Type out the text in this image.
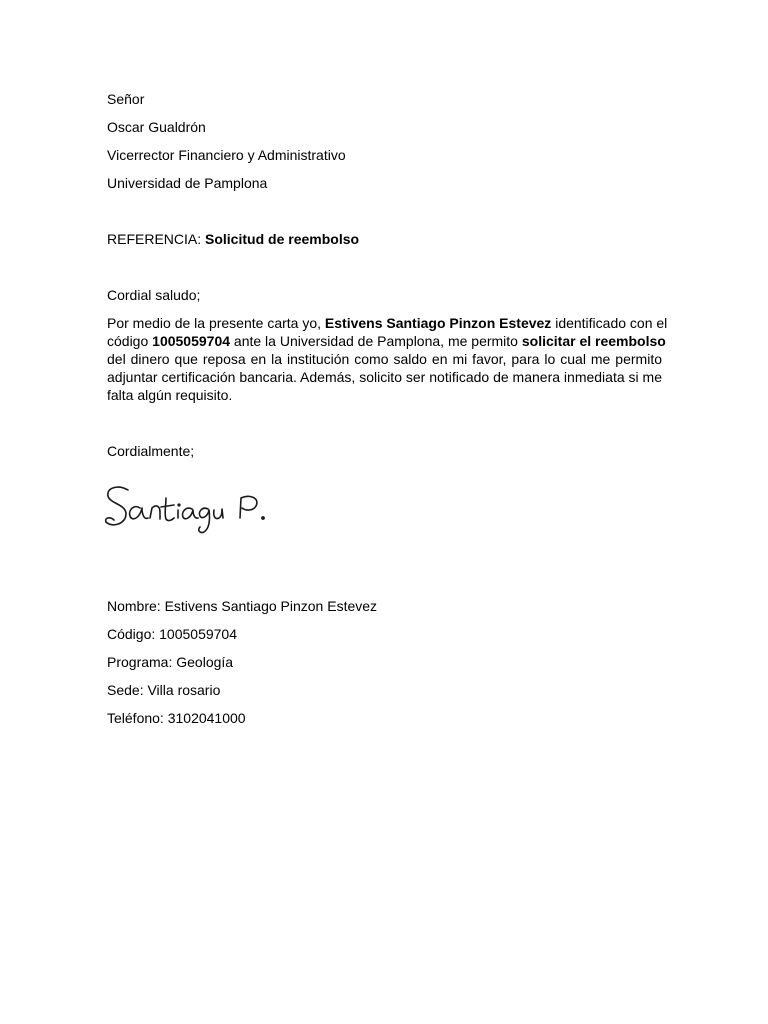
Señor

Oscar Gualdrón

Vicerrector Financiero y Administrativo

Universidad de Pamplona

REFERENCIA: Solicitud de reembolso

Cordial saludo;

Por medio de la presente carta yo, Estivens Santiago Pinzon Estevez identificado con el
código 1005059704 ante la Universidad de Pamplona, me permito solicitar el reembolso
del dinero que reposa en la institución como saldo en mi favor, para lo cual me permito
adjuntar certificación bancaria. Además, solicito ser notificado de manera inmediata si me
falta algún requisito.

Cordialmente;

Nombre: Estivens Santiago Pinzon Estevez

Código: 1005059704

Programa: Geología

Sede: Villa rosario

Teléfono: 3102041000
